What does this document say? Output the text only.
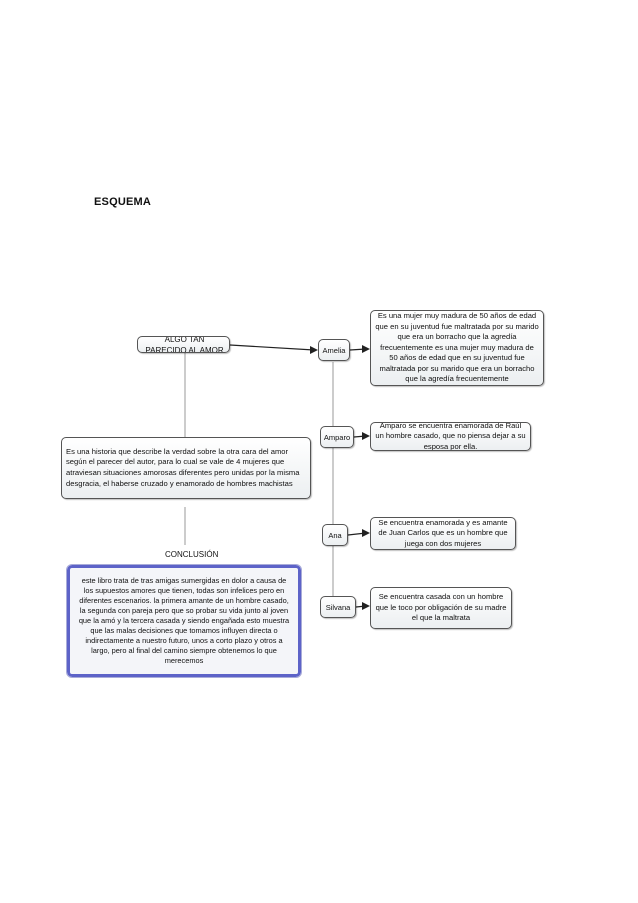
ESQUEMA
ALGO TAN PARECIDO AL AMOR
Es una historia que describe la verdad sobre la otra cara del amor según el parecer del autor, para lo cual se vale de 4 mujeres que atraviesan situaciones amorosas diferentes pero unidas por la misma desgracia, el haberse cruzado y enamorado de hombres machistas
CONCLUSIÓN
este libro trata de tras amigas sumergidas en dolor a causa de los supuestos amores que tienen, todas son infelices pero en diferentes escenarios. la primera amante de un hombre casado, la segunda con pareja pero que so probar su vida junto al joven que la amó y la tercera casada y siendo engañada esto muestra que las malas decisiones que tomamos influyen directa o indirectamente a nuestro futuro, unos a corto plazo y otros a largo, pero al final del camino siempre obtenemos lo que merecemos
Amelia
Es una mujer muy madura de 50 años de edad que en su juventud fue maltratada por su marido que era un borracho que la agredía frecuentemente es una mujer muy madura de 50 años de edad que en su juventud fue maltratada por su marido que era un borracho que la agredía frecuentemente
Amparo
Amparo se encuentra enamorada de Raúl un hombre casado, que no piensa dejar a su esposa por ella.
Ana
Se encuentra enamorada y es amante de Juan Carlos que es un hombre que juega con dos mujeres
Silvana
Se encuentra casada con un hombre que le toco por obligación de su madre el que la maltrata
